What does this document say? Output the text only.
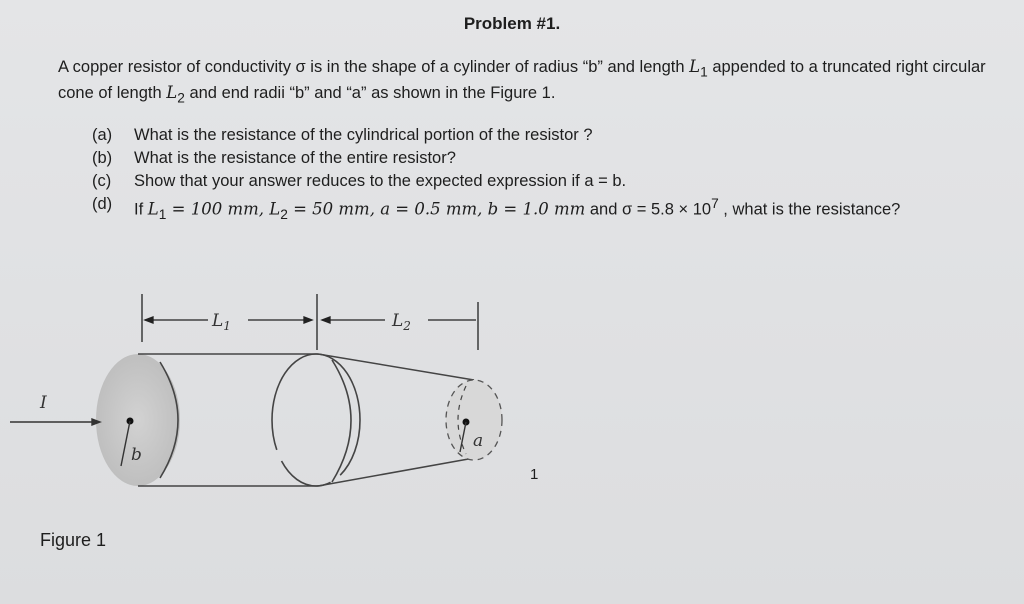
Problem #1.
A copper resistor of conductivity σ is in the shape of a cylinder of radius “b” and length $L_1$ appended to a truncated right circular cone of length $L_2$ and end radii “b” and “a” as shown in the Figure 1.
(a) What is the resistance of the cylindrical portion of the resistor ?
(b) What is the resistance of the entire resistor?
(c) Show that your answer reduces to the expected expression if a = b.
(d) If $L_1 = 100$ mm, $L_2 = 50$ mm, a = 0.5 mm, b = 1.0 mm and $\sigma = 5.8 \times 10^7$ , what is the resistance?
$L_1$	$L_2$
I
b
a
1
Figure 1
